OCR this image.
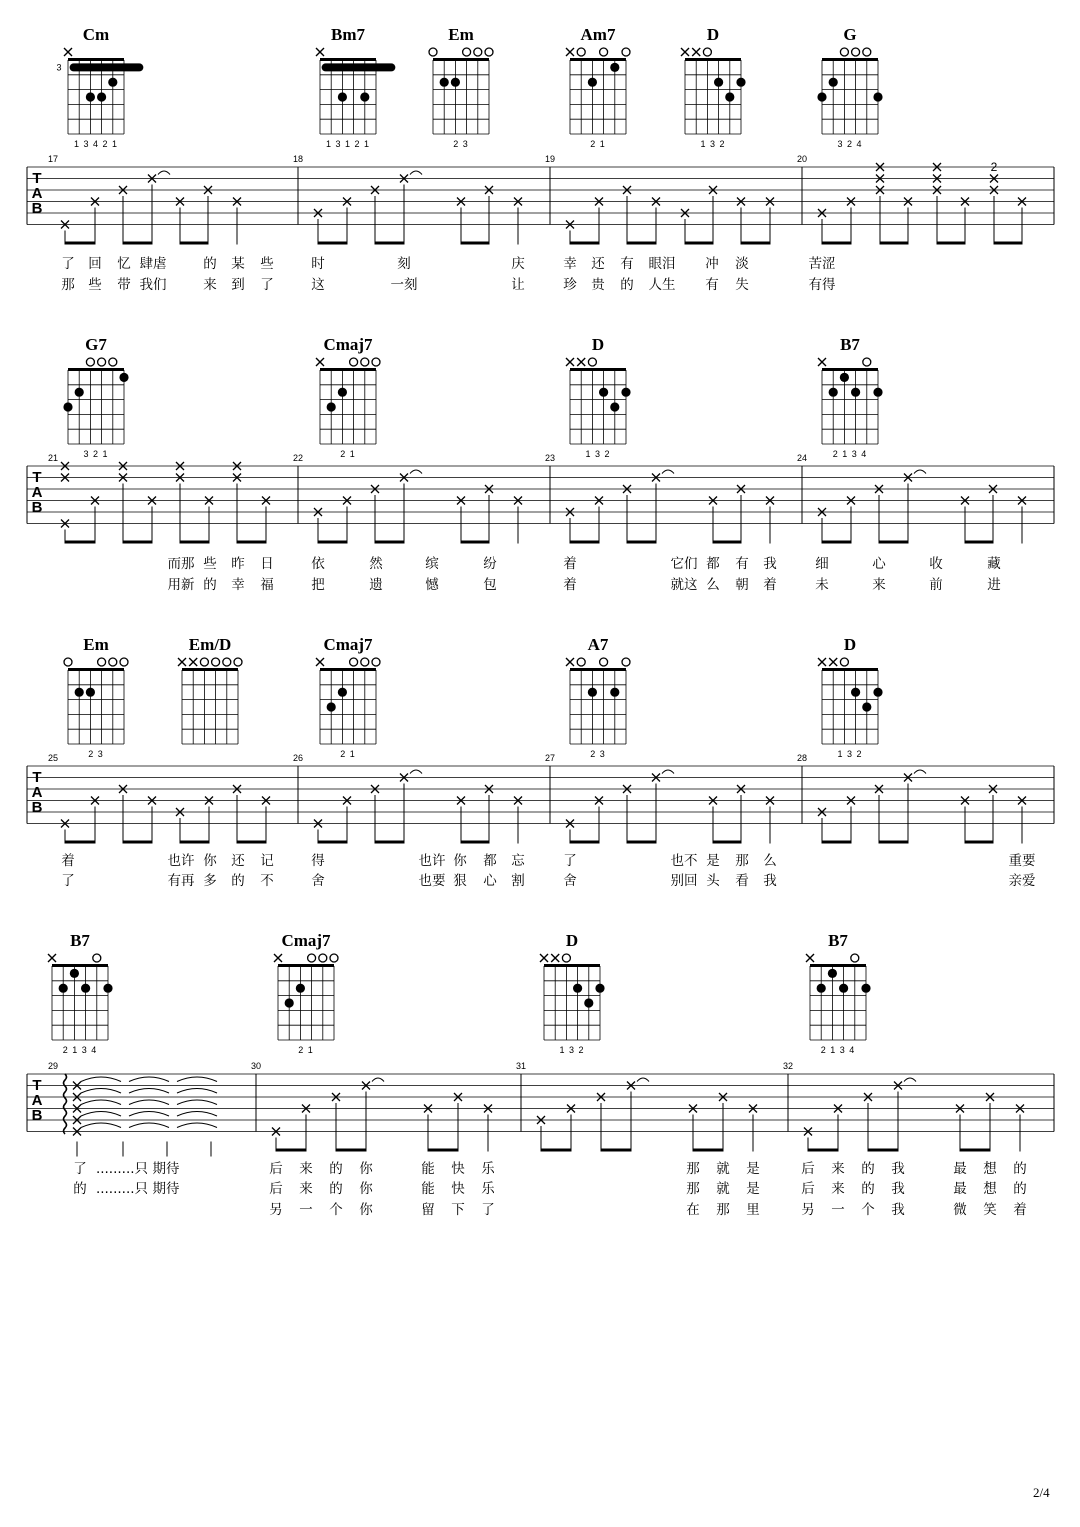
T
A
B
17	18	19	20
2
了 回 忆 肆虐	的 某 些	时	刻	庆	幸 还 有 眼泪 冲 淡	苦涩
那 些 带 我们	来 到 了	这	一刻	让	珍 贵 的 人生 有 失	有得
Cm
3
1 3 4 2 1
Bm7
1 3 1 2 1
Em
2 3
Am7
2 1
D
1 3 2
G
3 2 4
T
A
B
21	22	23	24
而那 些 昨 日	依	然	缤	纷	着	它们 都 有 我	细	心	收	藏
用新 的 幸 福	把	遗	憾	包	着	就这 么 朝 着	未	来	前	进
G7
3 2 1
Cmaj7
2 1
D
1 3 2
B7
2 1 3 4
T
A
B
25	26	27	28
着	也许 你 还 记	得	也许 你 都 忘	了	也不 是 那 么	重要
了	有再 多 的 不	舍	也要 狠 心 割	舍	别回 头 看 我	亲爱
Em
2 3
Em/D	Cmaj7
2 1
A7
2 3
D
1 3 2
T
A
B
29	30	31	32
了 .........只 期待	后 来 的 你	能 快 乐	那 就 是	后 来 的 我	最 想 的
的 .........只 期待	后 来 的 你	能 快 乐	那 就 是	后 来 的 我	最 想 的
另 一 个 你	留 下 了	在 那 里	另 一 个 我	微 笑 着
B7
2 1 3 4
Cmaj7
2 1
D
1 3 2
B7
2 1 3 4
2/4
